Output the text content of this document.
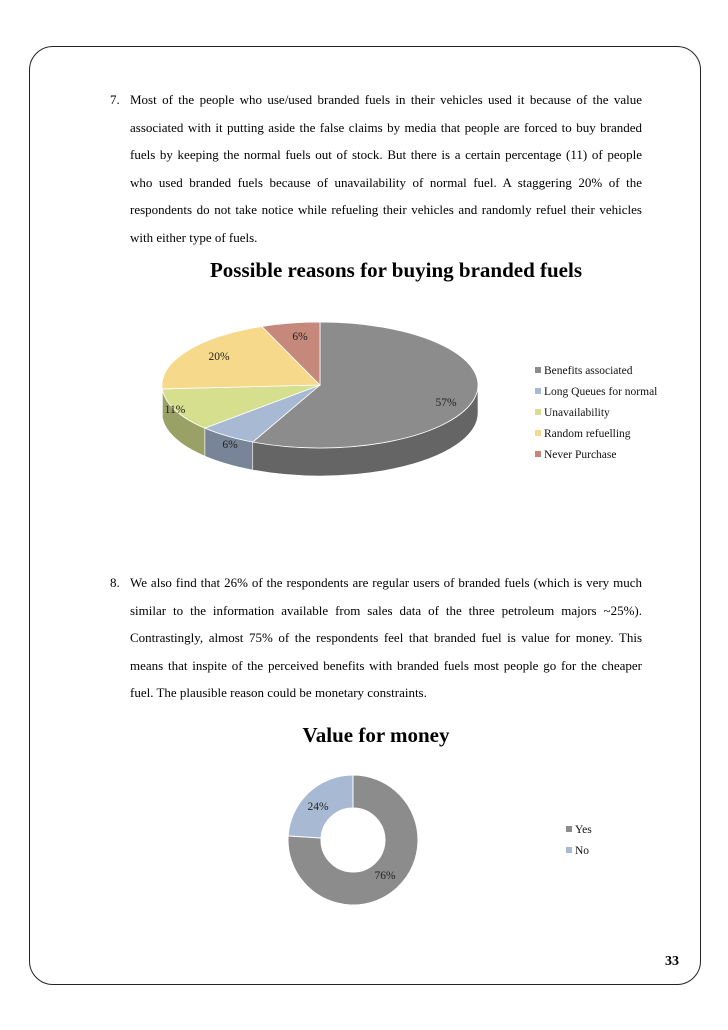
7. Most of the people who use/used branded fuels in their vehicles used it because of the value associated with it putting aside the false claims by media that people are forced to buy branded fuels by keeping the normal fuels out of stock. But there is a certain percentage (11) of people who used branded fuels because of unavailability of normal fuel. A staggering 20% of the respondents do not take notice while refueling their vehicles and randomly refuel their vehicles with either type of fuels.
Possible reasons for buying branded fuels
57%
6%
11%
20%
6%
Benefits associated
Long Queues for normal
Unavailability
Random refuelling
Never Purchase
8. We also find that 26% of the respondents are regular users of branded fuels (which is very much similar to the information available from sales data of the three petroleum majors ~25%). Contrastingly, almost 75% of the respondents feel that branded fuel is value for money. This means that inspite of the perceived benefits with branded fuels most people go for the cheaper fuel. The plausible reason could be monetary constraints.
Value for money
76%
24%
Yes
No
33
